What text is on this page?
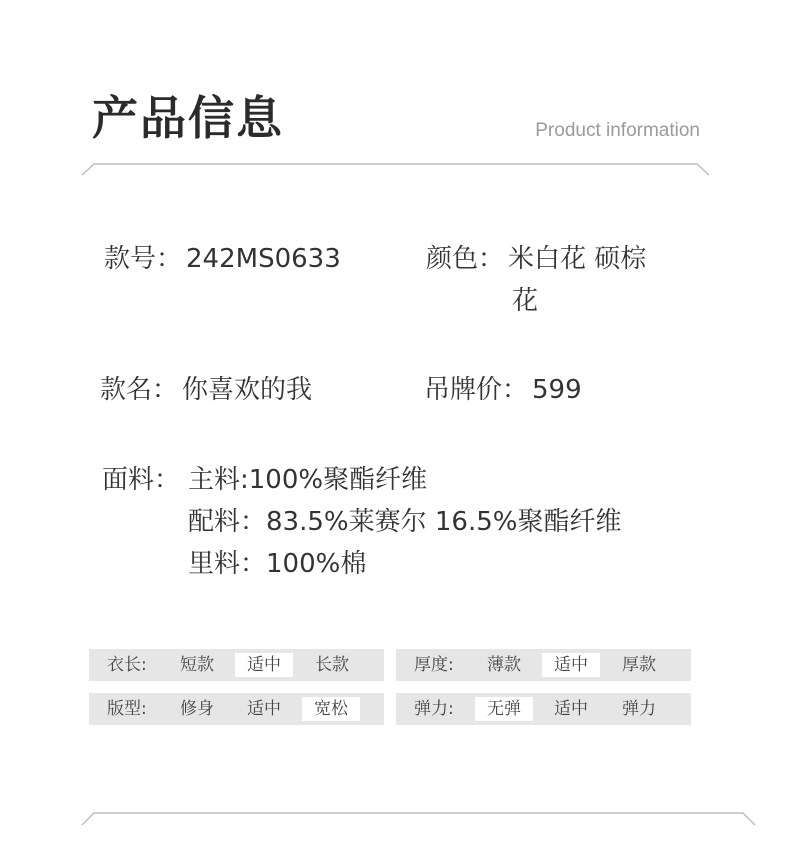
产品信息	Product information
款号： 242MS0633	颜色： 米白花 硕棕
花
款名： 你喜欢的我	吊牌价： 599
面料： 主料:100%聚酯纤维
配料：83.5%莱赛尔 16.5%聚酯纤维
里料：100%棉
衣长:	短款	适中	长款	厚度:	薄款	适中	厚款
版型:	修身	适中	宽松	弹力:	无弹	适中	弹力
